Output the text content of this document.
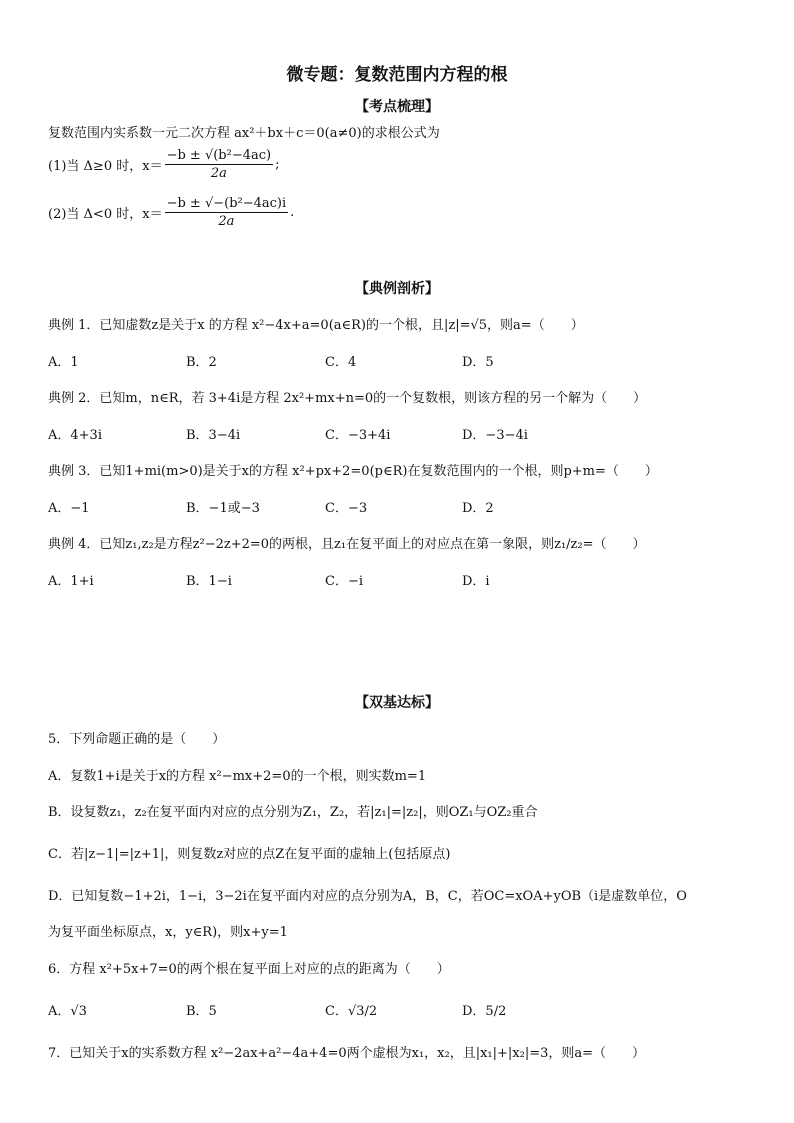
微专题：复数范围内方程的根
【考点梳理】
复数范围内实系数一元二次方程 ax²＋bx＋c＝0(a≠0)的求根公式为
(1)当 Δ≥0 时，$x= \frac{\text{−b ± √(b²−4ac)}}{2a}$ ;
(2)当 Δ<0 时，$x= \frac{\text{−b ± √−(b²−4ac)i}}{2a}$ .
【典例剖析】
典例 1．已知虚数z是关于x 的方程 x²−4x+a=0(a∈R)的一个根，且|z|=√5，则a=（　　）
A．1	B．2	C．4	D．5
典例 2．已知m，n∈R，若 3+4i是方程 2x²+mx+n=0的一个复数根，则该方程的另一个解为（　　）
A．4+3i	B．3−4i	C．−3+4i	D．−3−4i
典例 3．已知1+mi(m>0)是关于x的方程 x²+px+2=0(p∈R)在复数范围内的一个根，则p+m=（　　）
A．−1	B．−1或−3	C．−3	D．2
典例 4．已知z₁,z₂是方程z²−2z+2=0的两根，且z₁在复平面上的对应点在第一象限，则z₁/z₂=（　　）
A．1+i	B．1−i	C．−i	D．i
【双基达标】
5．下列命题正确的是（　　）
A．复数1+i是关于x的方程 x²−mx+2=0的一个根，则实数m=1
B．设复数z₁，z₂在复平面内对应的点分别为Z₁，Z₂，若|z₁|=|z₂|，则OZ₁与OZ₂重合
C．若|z−1|=|z+1|，则复数z对应的点Z在复平面的虚轴上(包括原点)
D．已知复数−1+2i，1−i，3−2i在复平面内对应的点分别为A，B，C，若OC=xOA+yOB（i是虚数单位，O
为复平面坐标原点，x，y∈R)，则x+y=1
6．方程 x²+5x+7=0的两个根在复平面上对应的点的距离为（　　）
A．√3	B．5	C．√3/2	D．5/2
7．已知关于x的实系数方程 x²−2ax+a²−4a+4=0两个虚根为x₁，x₂，且|x₁|+|x₂|=3，则a=（　　）
